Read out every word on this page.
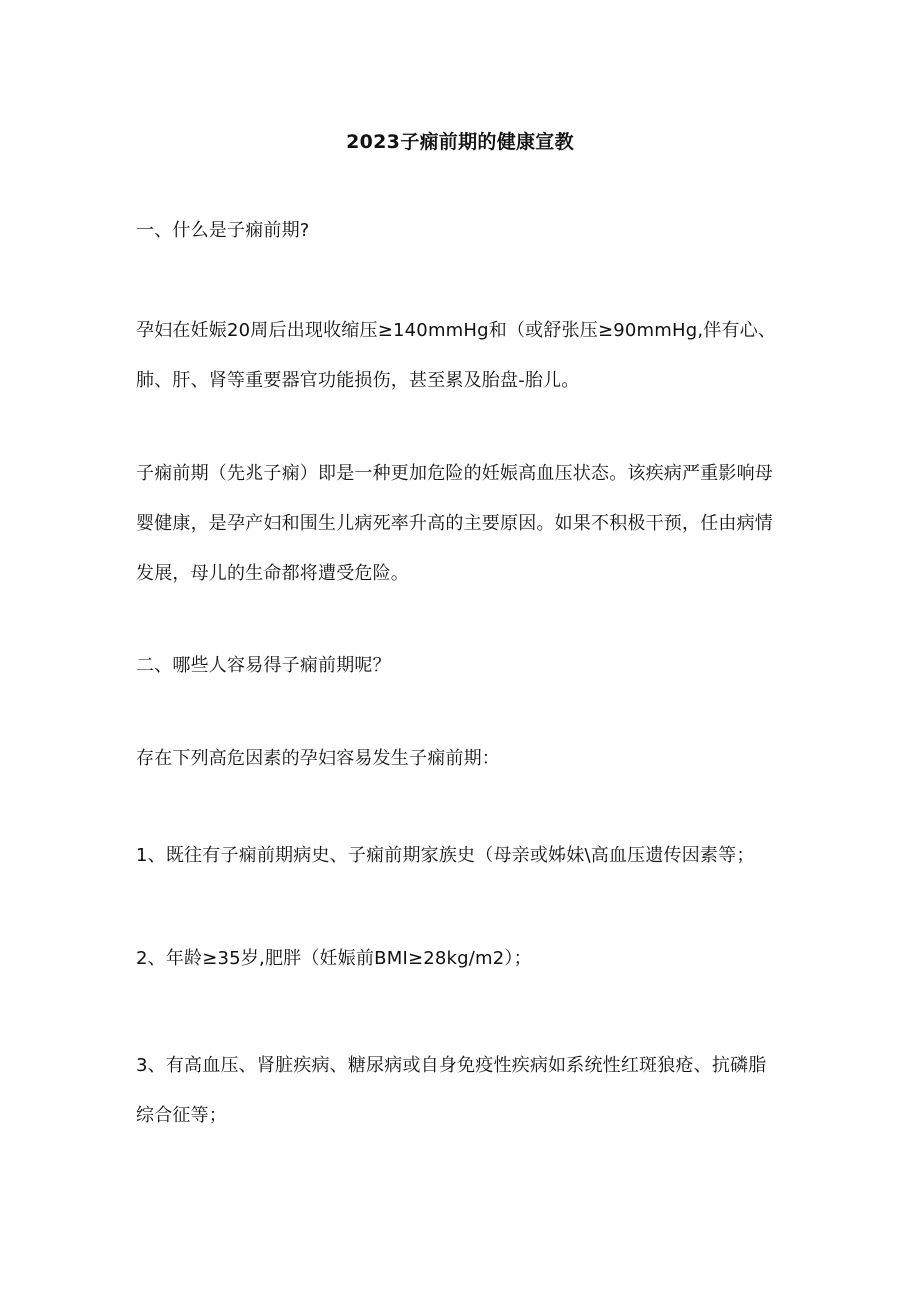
2023子痫前期的健康宣教
一、什么是子痫前期?
孕妇在妊娠20周后出现收缩压≥140mmHg和（或舒张压≥90mmHg,伴有心、
肺、肝、肾等重要器官功能损伤，甚至累及胎盘-胎儿。
子痫前期（先兆子痫）即是一种更加危险的妊娠高血压状态。该疾病严重影响母
婴健康，是孕产妇和围生儿病死率升高的主要原因。如果不积极干预，任由病情
发展，母儿的生命都将遭受危险。
二、哪些人容易得子痫前期呢？
存在下列高危因素的孕妇容易发生子痫前期：
1、既往有子痫前期病史、子痫前期家族史（母亲或姊妹\高血压遗传因素等；
2、年龄≥35岁,肥胖（妊娠前BMI≥28kg∕m2）；
3、有高血压、肾脏疾病、糖尿病或自身免疫性疾病如系统性红斑狼疮、抗磷脂
综合征等；
